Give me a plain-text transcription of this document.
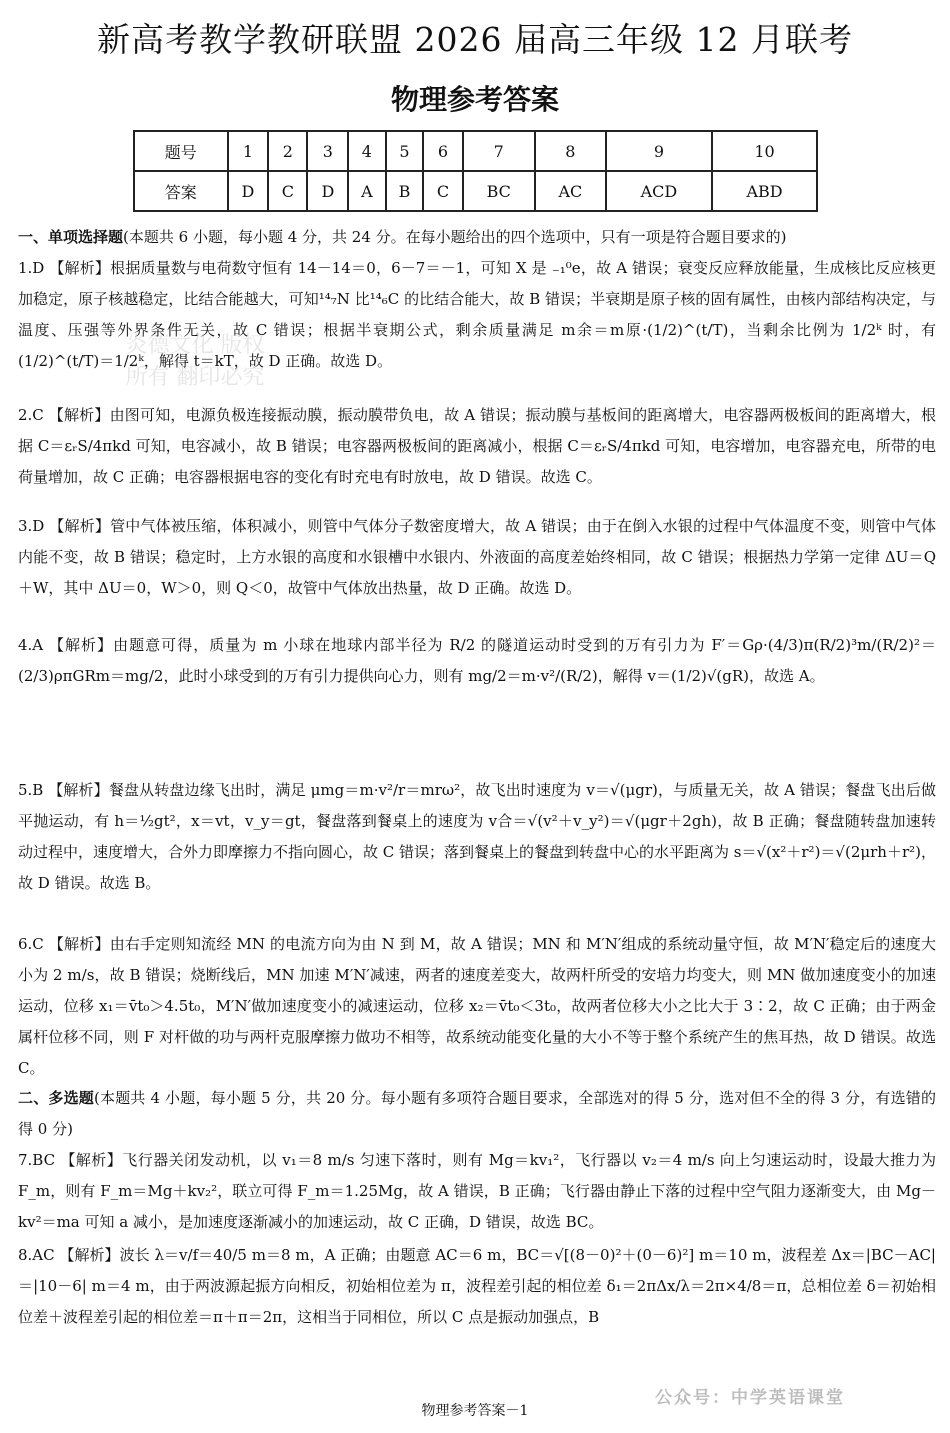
新高考教学教研联盟 2026 届高三年级 12 月联考
物理参考答案
题号	1	2	3	4	5	6	7	8	9	10
答案	D	C	D	A	B	C	BC	AC	ACD	ABD
一、单项选择题(本题共 6 小题，每小题 4 分，共 24 分。在每小题给出的四个选项中，只有一项是符合题目要求的)
1.D 【解析】根据质量数与电荷数守恒有 14－14＝0，6－7＝－1，可知 X 是 ₋₁⁰e，故 A 错误；衰变反应释放能量，生成核比反应核更加稳定，原子核越稳定，比结合能越大，可知¹⁴₇N 比¹⁴₆C 的比结合能大，故 B 错误；半衰期是原子核的固有属性，由核内部结构决定，与温度、压强等外界条件无关，故 C 错误；根据半衰期公式，剩余质量满足 m余＝m原·(1/2)^(t/T)，当剩余比例为 1/2ᵏ 时，有(1/2)^(t/T)＝1/2ᵏ，解得 t＝kT，故 D 正确。故选 D。
2.C 【解析】由图可知，电源负极连接振动膜，振动膜带负电，故 A 错误；振动膜与基板间的距离增大，电容器两极板间的距离增大，根据 C＝εᵣS/4πkd 可知，电容减小，故 B 错误；电容器两极板间的距离减小，根据 C＝εᵣS/4πkd 可知，电容增加，电容器充电，所带的电荷量增加，故 C 正确；电容器根据电容的变化有时充电有时放电，故 D 错误。故选 C。
3.D 【解析】管中气体被压缩，体积减小，则管中气体分子数密度增大，故 A 错误；由于在倒入水银的过程中气体温度不变，则管中气体内能不变，故 B 错误；稳定时，上方水银的高度和水银槽中水银内、外液面的高度差始终相同，故 C 错误；根据热力学第一定律 ΔU＝Q＋W，其中 ΔU＝0，W＞0，则 Q＜0，故管中气体放出热量，故 D 正确。故选 D。
4.A 【解析】由题意可得，质量为 m 小球在地球内部半径为 R/2 的隧道运动时受到的万有引力为 F′＝Gρ·(4/3)π(R/2)³m/(R/2)²＝(2/3)ρπGRm＝mg/2，此时小球受到的万有引力提供向心力，则有 mg/2＝m·v²/(R/2)，解得 v＝(1/2)√(gR)，故选 A。
5.B 【解析】餐盘从转盘边缘飞出时，满足 μmg＝m·v²/r＝mrω²，故飞出时速度为 v＝√(μgr)，与质量无关，故 A 错误；餐盘飞出后做平抛运动，有 h＝½gt²，x＝vt，v_y＝gt，餐盘落到餐桌上的速度为 v合＝√(v²＋v_y²)＝√(μgr＋2gh)，故 B 正确；餐盘随转盘加速转动过程中，速度增大，合外力即摩擦力不指向圆心，故 C 错误；落到餐桌上的餐盘到转盘中心的水平距离为 s＝√(x²＋r²)＝√(2μrh＋r²)，故 D 错误。故选 B。
6.C 【解析】由右手定则知流经 MN 的电流方向为由 N 到 M，故 A 错误；MN 和 M′N′组成的系统动量守恒，故 M′N′稳定后的速度大小为 2 m/s，故 B 错误；烧断线后，MN 加速 M′N′减速，两者的速度差变大，故两杆所受的安培力均变大，则 MN 做加速度变小的加速运动，位移 x₁＝v̄t₀＞4.5t₀，M′N′做加速度变小的减速运动，位移 x₂＝v̄t₀＜3t₀，故两者位移大小之比大于 3∶2，故 C 正确；由于两金属杆位移不同，则 F 对杆做的功与两杆克服摩擦力做功不相等，故系统动能变化量的大小不等于整个系统产生的焦耳热，故 D 错误。故选 C。
二、多选题(本题共 4 小题，每小题 5 分，共 20 分。每小题有多项符合题目要求，全部选对的得 5 分，选对但不全的得 3 分，有选错的得 0 分)
7.BC 【解析】飞行器关闭发动机，以 v₁＝8 m/s 匀速下落时，则有 Mg＝kv₁²，飞行器以 v₂＝4 m/s 向上匀速运动时，设最大推力为 F_m，则有 F_m＝Mg＋kv₂²，联立可得 F_m＝1.25Mg，故 A 错误，B 正确；飞行器由静止下落的过程中空气阻力逐渐变大，由 Mg－kv²＝ma 可知 a 减小，是加速度逐渐减小的加速运动，故 C 正确，D 错误，故选 BC。
8.AC 【解析】波长 λ＝v/f＝40/5 m＝8 m，A 正确；由题意 AC＝6 m，BC＝√[(8－0)²＋(0－6)²] m＝10 m，波程差 Δx＝|BC－AC|＝|10－6| m＝4 m，由于两波源起振方向相反，初始相位差为 π，波程差引起的相位差 δ₁＝2πΔx/λ＝2π×4/8＝π，总相位差 δ＝初始相位差＋波程差引起的相位差＝π＋π＝2π，这相当于同相位，所以 C 点是振动加强点，B
炎德文化 版权所有 翻印必究
物理参考答案－1
公众号：中学英语课堂
